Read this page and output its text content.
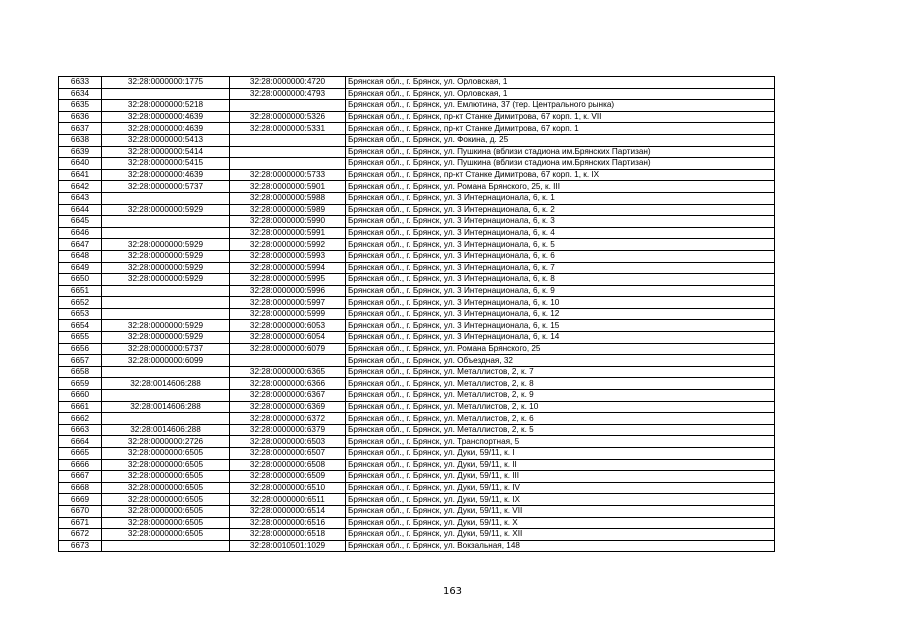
6633	32:28:0000000:1775	32:28:0000000:4720	Брянская обл., г. Брянск, ул. Орловская, 1
6634		32:28:0000000:4793	Брянская обл., г. Брянск, ул. Орловская, 1
6635	32:28:0000000:5218		Брянская обл., г. Брянск, ул. Емлютина, 37 (тер. Центрального рынка)
6636	32:28:0000000:4639	32:28:0000000:5326	Брянская обл., г. Брянск, пр-кт Станке Димитрова, 67 корп. 1, к. VII
6637	32:28:0000000:4639	32:28:0000000:5331	Брянская обл., г. Брянск, пр-кт Станке Димитрова, 67 корп. 1
6638	32:28:0000000:5413		Брянская обл., г. Брянск, ул. Фокина, д. 25
6639	32:28:0000000:5414		Брянская обл., г. Брянск, ул. Пушкина (вблизи стадиона им.Брянских Партизан)
6640	32:28:0000000:5415		Брянская обл., г. Брянск, ул. Пушкина (вблизи стадиона им.Брянских Партизан)
6641	32:28:0000000:4639	32:28:0000000:5733	Брянская обл., г. Брянск, пр-кт Станке Димитрова, 67 корп. 1, к. IX
6642	32:28:0000000:5737	32:28:0000000:5901	Брянская обл., г. Брянск, ул. Романа Брянского, 25, к. III
6643		32:28:0000000:5988	Брянская обл., г. Брянск, ул. 3 Интернационала, 6, к. 1
6644	32:28:0000000:5929	32:28:0000000:5989	Брянская обл., г. Брянск, ул. 3 Интернационала, 6, к. 2
6645		32:28:0000000:5990	Брянская обл., г. Брянск, ул. 3 Интернационала, 6, к. 3
6646		32:28:0000000:5991	Брянская обл., г. Брянск, ул. 3 Интернационала, 6, к. 4
6647	32:28:0000000:5929	32:28:0000000:5992	Брянская обл., г. Брянск, ул. 3 Интернационала, 6, к. 5
6648	32:28:0000000:5929	32:28:0000000:5993	Брянская обл., г. Брянск, ул. 3 Интернационала, 6, к. 6
6649	32:28:0000000:5929	32:28:0000000:5994	Брянская обл., г. Брянск, ул. 3 Интернационала, 6, к. 7
6650	32:28:0000000:5929	32:28:0000000:5995	Брянская обл., г. Брянск, ул. 3 Интернационала, 6, к. 8
6651		32:28:0000000:5996	Брянская обл., г. Брянск, ул. 3 Интернационала, 6, к. 9
6652		32:28:0000000:5997	Брянская обл., г. Брянск, ул. 3 Интернационала, 6, к. 10
6653		32:28:0000000:5999	Брянская обл., г. Брянск, ул. 3 Интернационала, 6, к. 12
6654	32:28:0000000:5929	32:28:0000000:6053	Брянская обл., г. Брянск, ул. 3 Интернационала, 6, к. 15
6655	32:28:0000000:5929	32:28:0000000:6054	Брянская обл., г. Брянск, ул. 3 Интернационала, 6, к. 14
6656	32:28:0000000:5737	32:28:0000000:6079	Брянская обл., г. Брянск, ул. Романа Брянского, 25
6657	32:28:0000000:6099		Брянская обл., г. Брянск, ул. Объездная, 32
6658		32:28:0000000:6365	Брянская обл., г. Брянск, ул. Металлистов, 2, к. 7
6659	32:28:0014606:288	32:28:0000000:6366	Брянская обл., г. Брянск, ул. Металлистов, 2, к. 8
6660		32:28:0000000:6367	Брянская обл., г. Брянск, ул. Металлистов, 2, к. 9
6661	32:28:0014606:288	32:28:0000000:6369	Брянская обл., г. Брянск, ул. Металлистов, 2, к. 10
6662		32:28:0000000:6372	Брянская обл., г. Брянск, ул. Металлистов, 2, к. 6
6663	32:28:0014606:288	32:28:0000000:6379	Брянская обл., г. Брянск, ул. Металлистов, 2, к. 5
6664	32:28:0000000:2726	32:28:0000000:6503	Брянская обл., г. Брянск, ул. Транспортная, 5
6665	32:28:0000000:6505	32:28:0000000:6507	Брянская обл., г. Брянск, ул. Дуки, 59/11, к. I
6666	32:28:0000000:6505	32:28:0000000:6508	Брянская обл., г. Брянск, ул. Дуки, 59/11, к. II
6667	32:28:0000000:6505	32:28:0000000:6509	Брянская обл., г. Брянск, ул. Дуки, 59/11, к. III
6668	32:28:0000000:6505	32:28:0000000:6510	Брянская обл., г. Брянск, ул. Дуки, 59/11, к. IV
6669	32:28:0000000:6505	32:28:0000000:6511	Брянская обл., г. Брянск, ул. Дуки, 59/11, к. IX
6670	32:28:0000000:6505	32:28:0000000:6514	Брянская обл., г. Брянск, ул. Дуки, 59/11, к. VII
6671	32:28:0000000:6505	32:28:0000000:6516	Брянская обл., г. Брянск, ул. Дуки, 59/11, к. X
6672	32:28:0000000:6505	32:28:0000000:6518	Брянская обл., г. Брянск, ул. Дуки, 59/11, к. XII
6673		32:28:0010501:1029	Брянская обл., г. Брянск, ул. Вокзальная, 148
163
